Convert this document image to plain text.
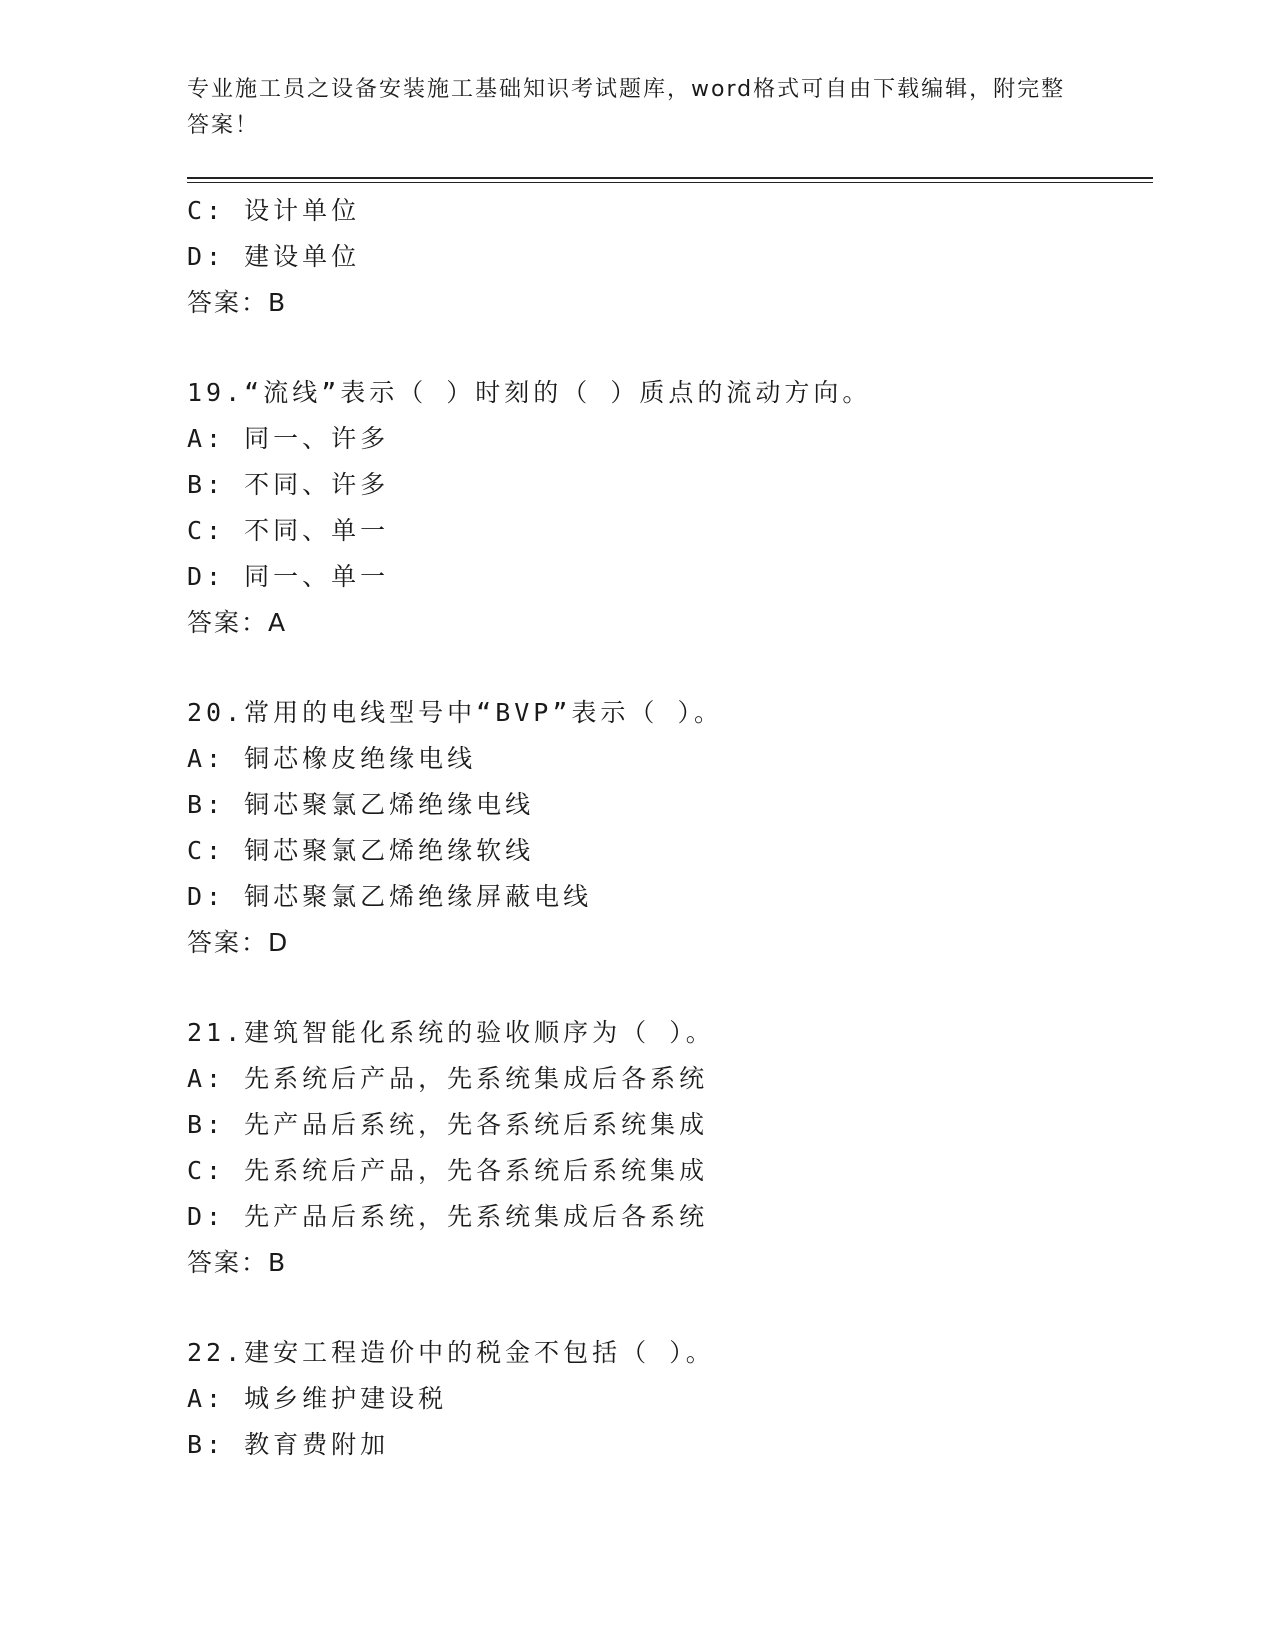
专业施工员之设备安装施工基础知识考试题库，word格式可自由下载编辑，附完整答案！
C: 设计单位
D: 建设单位
答案：B
19.“流线”表示（ ）时刻的（ ）质点的流动方向。
A: 同一、许多
B: 不同、许多
C: 不同、单一
D: 同一、单一
答案：A
20.常用的电线型号中“BVP”表示（ ）。
A: 铜芯橡皮绝缘电线
B: 铜芯聚氯乙烯绝缘电线
C: 铜芯聚氯乙烯绝缘软线
D: 铜芯聚氯乙烯绝缘屏蔽电线
答案：D
21.建筑智能化系统的验收顺序为（ ）。
A: 先系统后产品，先系统集成后各系统
B: 先产品后系统，先各系统后系统集成
C: 先系统后产品，先各系统后系统集成
D: 先产品后系统，先系统集成后各系统
答案：B
22.建安工程造价中的税金不包括（ ）。
A: 城乡维护建设税
B: 教育费附加
